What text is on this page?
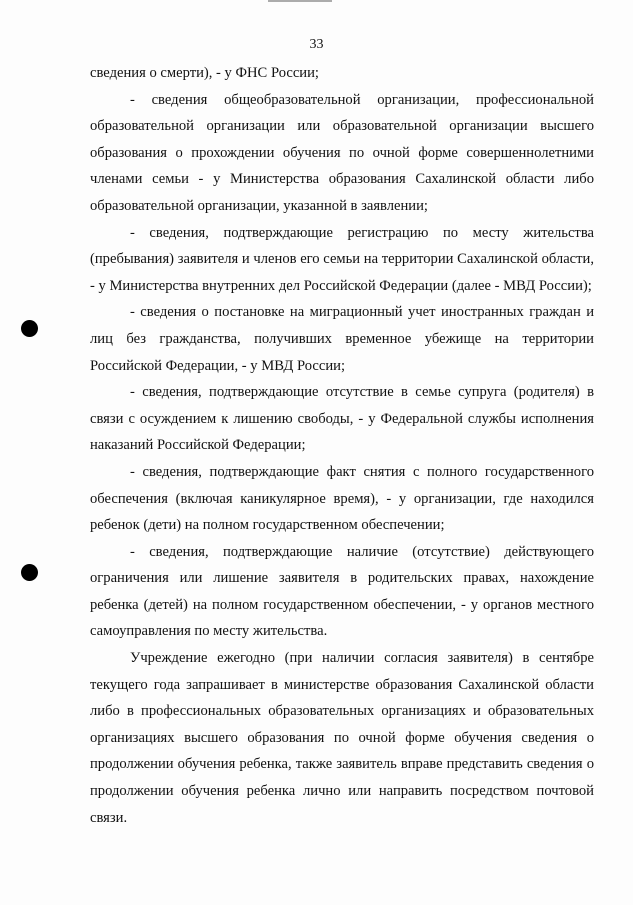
33

сведения о смерти), - у ФНС России;

- сведения общеобразовательной организации, профессиональной образовательной организации или образовательной организации высшего образования о прохождении обучения по очной форме совершеннолетними членами семьи - у Министерства образования Сахалинской области либо образовательной организации, указанной в заявлении;

- сведения, подтверждающие регистрацию по месту жительства (пребывания) заявителя и членов его семьи на территории Сахалинской области, - у Министерства внутренних дел Российской Федерации (далее - МВД России);

- сведения о постановке на миграционный учет иностранных граждан и лиц без гражданства, получивших временное убежище на территории Российской Федерации, - у МВД России;

- сведения, подтверждающие отсутствие в семье супруга (родителя) в связи с осуждением к лишению свободы, - у Федеральной службы исполнения наказаний Российской Федерации;

- сведения, подтверждающие факт снятия с полного государственного обеспечения (включая каникулярное время), - у организации, где находился ребенок (дети) на полном государственном обеспечении;

- сведения, подтверждающие наличие (отсутствие) действующего ограничения или лишение заявителя в родительских правах, нахождение ребенка (детей) на полном государственном обеспечении, - у органов местного самоуправления по месту жительства.

Учреждение ежегодно (при наличии согласия заявителя) в сентябре текущего года запрашивает в министерстве образования Сахалинской области либо в профессиональных образовательных организациях и образовательных организациях высшего образования по очной форме обучения сведения о продолжении обучения ребенка, также заявитель вправе представить сведения о продолжении обучения ребенка лично или направить посредством почтовой связи.
